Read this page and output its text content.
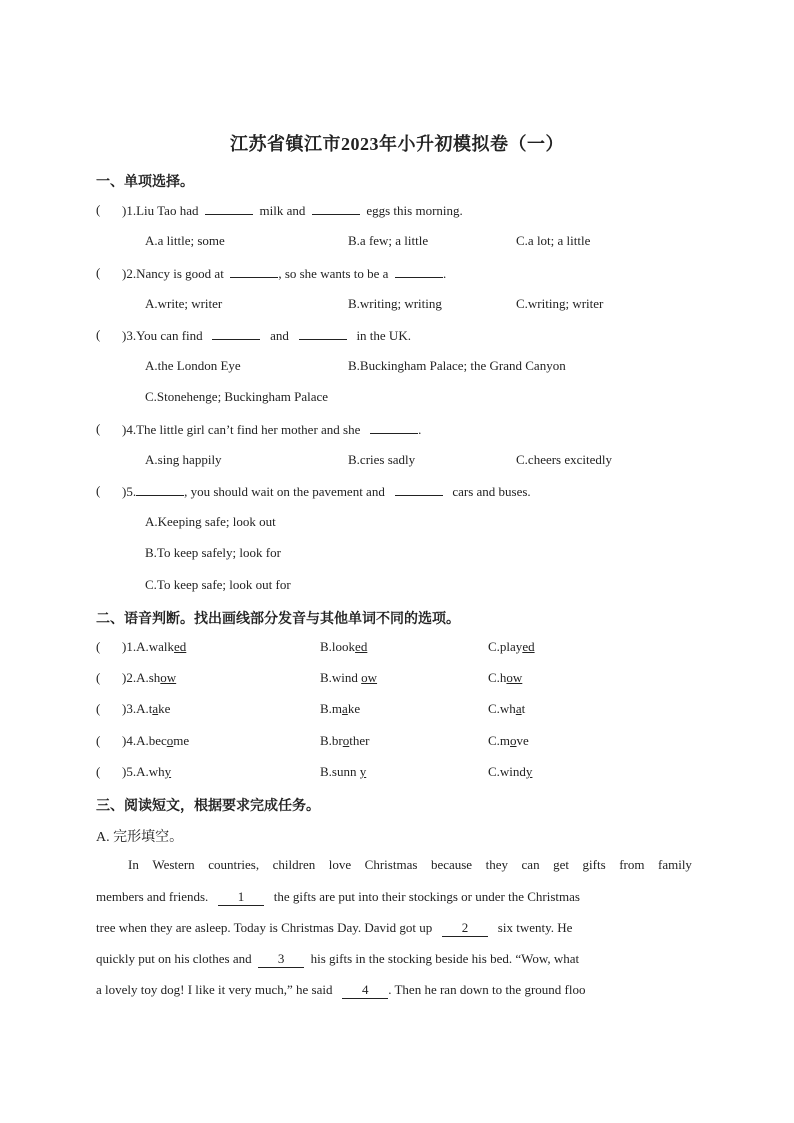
江苏省镇江市2023年小升初模拟卷（一）
一、单项选择。
( )1.Liu Tao had	milk and	eggs this morning.
A.a little; some	B.a few; a little	C.a lot; a little
( )2.Nancy is good at	, so she wants to be a	.
A.write; writer	B.writing; writing	C.writing; writer
( )3.You can find	and	in the UK.
A.the London Eye	B.Buckingham Palace; the Grand Canyon
C.Stonehenge; Buckingham Palace
( )4.The little girl can’t find her mother and she	.
A.sing happily	B.cries sadly	C.cheers excitedly
( )5.	, you should wait on the pavement and	cars and buses.
A.Keeping safe; look out
B.To keep safely; look for
C.To keep safe; look out for
二、语音判断。找出画线部分发音与其他单词不同的选项。
( )1.A.walked	B.looked	C.played
( )2.A.show	B.wind ow	C.how
( )3.A.take	B.make	C.what
( )4.A.become	B.brother	C.move
( )5.A.why	B.sunn y	C.windy
三、阅读短文，根据要求完成任务。
A. 完形填空。
In Western countries, children love Christmas because they can get gifts from family
members and friends. 1 the gifts are put into their stockings or under the Christmas
tree when they are asleep. Today is Christmas Day. David got up 2 six twenty. He
quickly put on his clothes and 3 his gifts in the stocking beside his bed. “Wow, what
a lovely toy dog! I like it very much,” he said 4 . Then he ran down to the ground floo
